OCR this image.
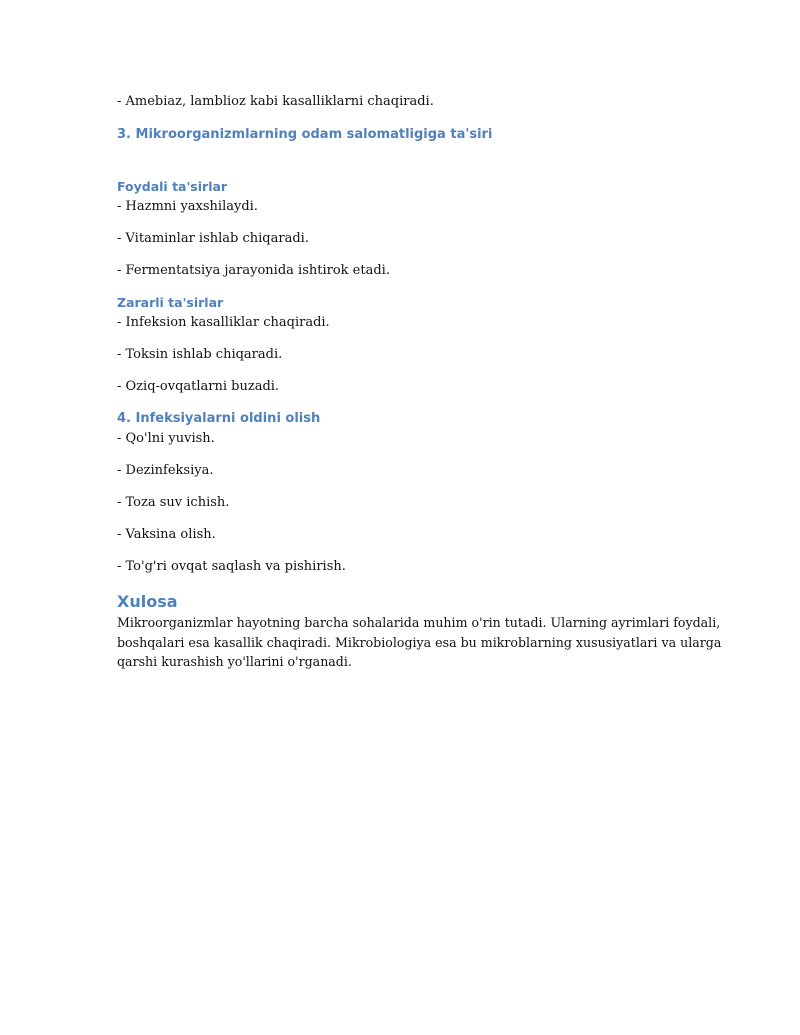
- Amebiaz, lamblioz kabi kasalliklarni chaqiradi.
3. Mikroorganizmlarning odam salomatligiga ta'siri
Foydali ta'sirlar
- Hazmni yaxshilaydi.
- Vitaminlar ishlab chiqaradi.
- Fermentatsiya jarayonida ishtirok etadi.
Zararli ta'sirlar
- Infeksion kasalliklar chaqiradi.
- Toksin ishlab chiqaradi.
- Oziq-ovqatlarni buzadi.
4. Infeksiyalarni oldini olish
- Qo'lni yuvish.
- Dezinfeksiya.
- Toza suv ichish.
- Vaksina olish.
- To'g'ri ovqat saqlash va pishirish.
Xulosa
Mikroorganizmlar hayotning barcha sohalarida muhim o'rin tutadi. Ularning ayrimlari foydali,
boshqalari esa kasallik chaqiradi. Mikrobiologiya esa bu mikroblarning xususiyatlari va ularga
qarshi kurashish yo'llarini o'rganadi.
